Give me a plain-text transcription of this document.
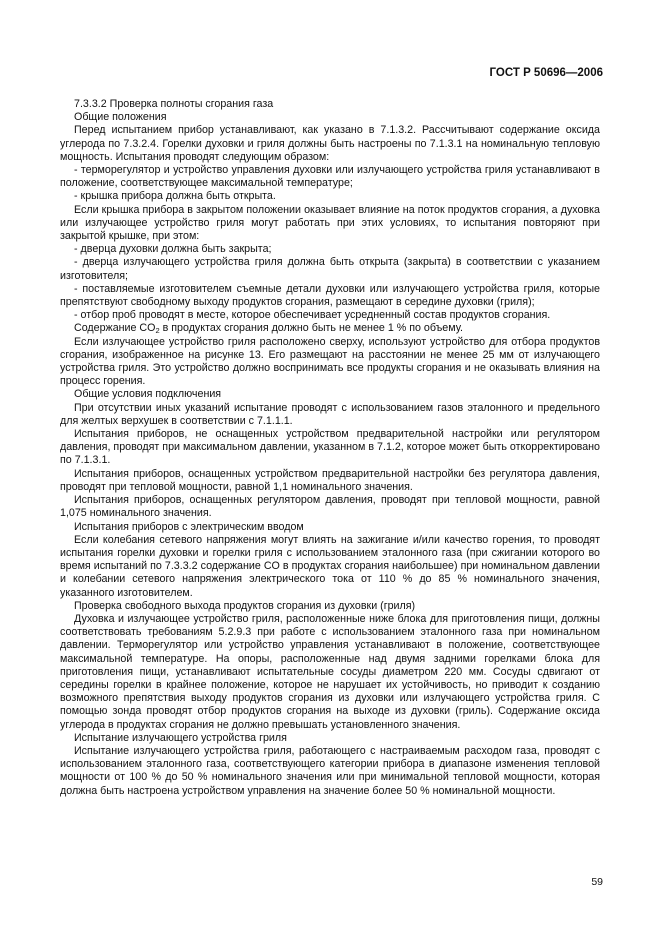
ГОСТ Р 50696—2006

7.3.3.2 Проверка полноты сгорания газа

Общие положения

Перед испытанием прибор устанавливают, как указано в 7.1.3.2. Рассчитывают содержание оксида углерода по 7.3.2.4. Горелки духовки и гриля должны быть настроены по 7.1.3.1 на номинальную тепловую мощность. Испытания проводят следующим образом:

- терморегулятор и устройство управления духовки или излучающего устройства гриля устанавливают в положение, соответствующее максимальной температуре;

- крышка прибора должна быть открыта.

Если крышка прибора в закрытом положении оказывает влияние на поток продуктов сгорания, а духовка или излучающее устройство гриля могут работать при этих условиях, то испытания повторяют при закрытой крышке, при этом:

- дверца духовки должна быть закрыта;

- дверца излучающего устройства гриля должна быть открыта (закрыта) в соответствии с указанием изготовителя;

- поставляемые изготовителем съемные детали духовки или излучающего устройства гриля, которые препятствуют свободному выходу продуктов сгорания, размещают в середине духовки (гриля);

- отбор проб проводят в месте, которое обеспечивает усредненный состав продуктов сгорания.

Содержание $CO_2$ в продуктах сгорания должно быть не менее 1 % по объему.

Если излучающее устройство гриля расположено сверху, используют устройство для отбора продуктов сгорания, изображенное на рисунке 13. Его размещают на расстоянии не менее 25 мм от излучающего устройства гриля. Это устройство должно воспринимать все продукты сгорания и не оказывать влияния на процесс горения.

Общие условия подключения

При отсутствии иных указаний испытание проводят с использованием газов эталонного и предельного для желтых верхушек в соответствии с 7.1.1.1.

Испытания приборов, не оснащенных устройством предварительной настройки или регулятором давления, проводят при максимальном давлении, указанном в 7.1.2, которое может быть откорректировано по 7.1.3.1.

Испытания приборов, оснащенных устройством предварительной настройки без регулятора давления, проводят при тепловой мощности, равной 1,1 номинального значения.

Испытания приборов, оснащенных регулятором давления, проводят при тепловой мощности, равной 1,075 номинального значения.

Испытания приборов с электрическим вводом

Если колебания сетевого напряжения могут влиять на зажигание и/или качество горения, то проводят испытания горелки духовки и горелки гриля с использованием эталонного газа (при сжигании которого во время испытаний по 7.3.3.2 содержание CO в продуктах сгорания наибольшее) при номинальном давлении и колебании сетевого напряжения электрического тока от 110 % до 85 % номинального значения, указанного изготовителем.

Проверка свободного выхода продуктов сгорания из духовки (гриля)

Духовка и излучающее устройство гриля, расположенные ниже блока для приготовления пищи, должны соответствовать требованиям 5.2.9.3 при работе с использованием эталонного газа при номинальном давлении. Терморегулятор или устройство управления устанавливают в положение, соответствующее максимальной температуре. На опоры, расположенные над двумя задними горелками блока для приготовления пищи, устанавливают испытательные сосуды диаметром 220 мм. Сосуды сдвигают от середины горелки в крайнее положение, которое не нарушает их устойчивость, но приводит к созданию возможного препятствия выходу продуктов сгорания из духовки или излучающего устройства гриля. С помощью зонда проводят отбор продуктов сгорания на выходе из духовки (гриль). Содержание оксида углерода в продуктах сгорания не должно превышать установленного значения.

Испытание излучающего устройства гриля

Испытание излучающего устройства гриля, работающего с настраиваемым расходом газа, проводят с использованием эталонного газа, соответствующего категории прибора в диапазоне изменения тепловой мощности от 100 % до 50 % номинального значения или при минимальной тепловой мощности, которая должна быть настроена устройством управления на значение более 50 % номинальной мощности.

59
